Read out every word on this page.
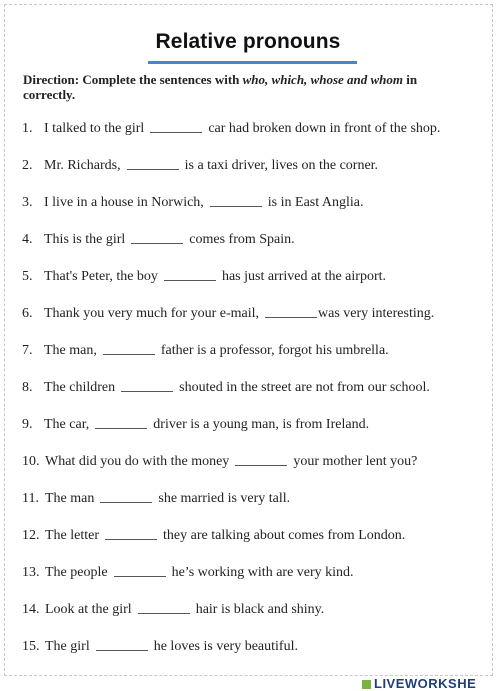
Relative pronouns
Direction: Complete the sentences with who, which, whose and whom in correctly.
1. I talked to the girl	car had broken down in front of the shop.
2. Mr. Richards,	is a taxi driver, lives on the corner.
3. I live in a house in Norwich,	is in East Anglia.
4. This is the girl	comes from Spain.
5. That's Peter, the boy	has just arrived at the airport.
6. Thank you very much for your e-mail,	was very interesting.
7. The man,	father is a professor, forgot his umbrella.
8. The children	shouted in the street are not from our school.
9. The car,	driver is a young man, is from Ireland.
10. What did you do with the money	your mother lent you?
11. The man	she married is very tall.
12. The letter	they are talking about comes from London.
13. The people	he’s working with are very kind.
14. Look at the girl	hair is black and shiny.
15. The girl	he loves is very beautiful.
LIVEWORKSHE
